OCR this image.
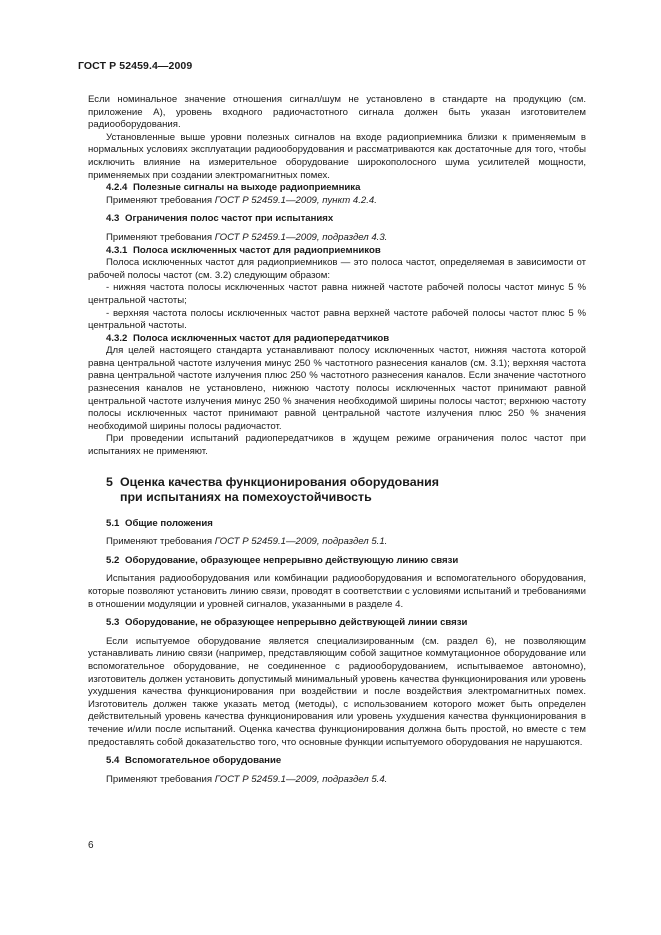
ГОСТ Р 52459.4—2009

Если номинальное значение отношения сигнал/шум не установлено в стандарте на продукцию (см. приложение А), уровень входного радиочастотного сигнала должен быть указан изготовителем радиооборудования.

Установленные выше уровни полезных сигналов на входе радиоприемника близки к применяемым в нормальных условиях эксплуатации радиооборудования и рассматриваются как достаточные для того, чтобы исключить влияние на измерительное оборудование широкополосного шума усилителей мощности, применяемых при создании электромагнитных помех.

4.2.4 Полезные сигналы на выходе радиоприемника

Применяют требования ГОСТ Р 52459.1—2009, пункт 4.2.4.

4.3 Ограничения полос частот при испытаниях

Применяют требования ГОСТ Р 52459.1—2009, подраздел 4.3.

4.3.1 Полоса исключенных частот для радиоприемников

Полоса исключенных частот для радиоприемников — это полоса частот, определяемая в зависимости от рабочей полосы частот (см. 3.2) следующим образом:

- нижняя частота полосы исключенных частот равна нижней частоте рабочей полосы частот минус 5 % центральной частоты;

- верхняя частота полосы исключенных частот равна верхней частоте рабочей полосы частот плюс 5 % центральной частоты.

4.3.2 Полоса исключенных частот для радиопередатчиков

Для целей настоящего стандарта устанавливают полосу исключенных частот, нижняя частота которой равна центральной частоте излучения минус 250 % частотного разнесения каналов (см. 3.1); верхняя частота равна центральной частоте излучения плюс 250 % частотного разнесения каналов. Если значение частотного разнесения каналов не установлено, нижнюю частоту полосы исключенных частот принимают равной центральной частоте излучения минус 250 % значения необходимой ширины полосы частот; верхнюю частоту полосы исключенных частот принимают равной центральной частоте излучения плюс 250 % значения необходимой ширины полосы радиочастот.

При проведении испытаний радиопередатчиков в ждущем режиме ограничения полос частот при испытаниях не применяют.

5 Оценка качества функционирования оборудования
при испытаниях на помехоустойчивость
5.1 Общие положения

Применяют требования ГОСТ Р 52459.1—2009, подраздел 5.1.

5.2 Оборудование, образующее непрерывно действующую линию связи

Испытания радиооборудования или комбинации радиооборудования и вспомогательного оборудования, которые позволяют установить линию связи, проводят в соответствии с условиями испытаний и требованиями в отношении модуляции и уровней сигналов, указанными в разделе 4.

5.3 Оборудование, не образующее непрерывно действующей линии связи

Если испытуемое оборудование является специализированным (см. раздел 6), не позволяющим устанавливать линию связи (например, представляющим собой защитное коммутационное оборудование или вспомогательное оборудование, не соединенное с радиооборудованием, испытываемое автономно), изготовитель должен установить допустимый минимальный уровень качества функционирования или уровень ухудшения качества функционирования при воздействии и после воздействия электромагнитных помех. Изготовитель должен также указать метод (методы), с использованием которого может быть определен действительный уровень качества функционирования или уровень ухудшения качества функционирования в течение и/или после испытаний. Оценка качества функционирования должна быть простой, но вместе с тем предоставлять собой доказательство того, что основные функции испытуемого оборудования не нарушаются.

5.4 Вспомогательное оборудование

Применяют требования ГОСТ Р 52459.1—2009, подраздел 5.4.

6
